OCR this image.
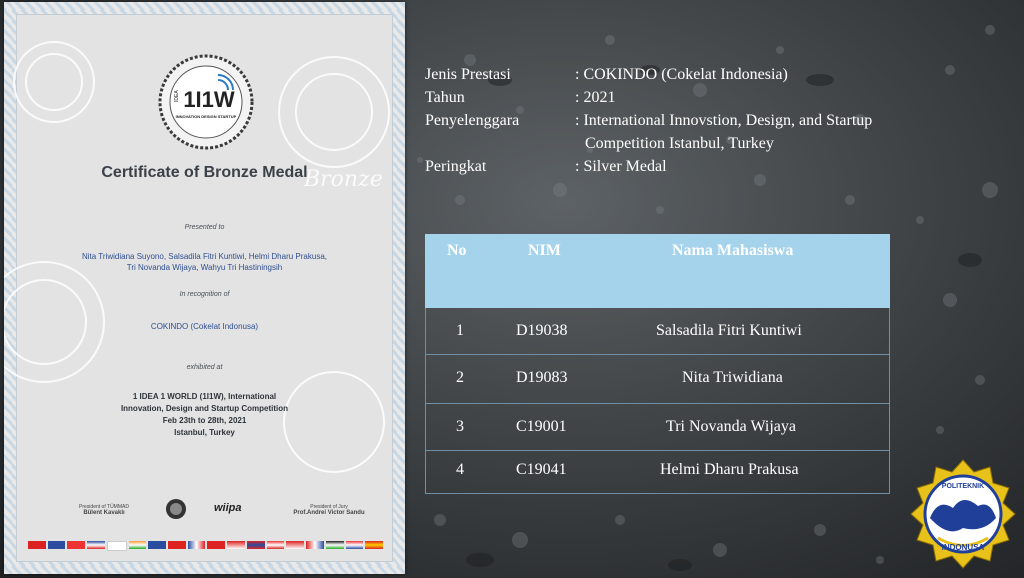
1I1W
INNOVATION DESIGN STARTUP
IDEA
Certificate of Bronze Medal
Bronze
Presented to
Nita Triwidiana Suyono, Salsadila Fitri Kuntiwi, Helmi Dharu Prakusa,
Tri Novanda Wijaya, Wahyu Tri Hastiningsih
In recognition of
COKINDO (Cokelat Indonusa)
exhibited at
1 IDEA 1 WORLD (1I1W), International
Innovation, Design and Startup Competition
Feb 23th to 28th, 2021
Istanbul, Turkey
President of TÜMMAD
Bülent Kavaklı	wiipa	President of Jury
Prof.Andrei Victor Sandu
Jenis Prestasi	: COKINDO (Cokelat Indonesia)
Tahun	: 2021
Penyelenggara	: International Innovstion, Design, and Startup
Competition Istanbul, Turkey
Peringkat	: Silver Medal
No	NIM	Nama Mahasiswa
1	D19038	Salsadila Fitri Kuntiwi
2	D19083	Nita Triwidiana
3	C19001	Tri Novanda Wijaya
4	C19041	Helmi Dharu Prakusa
POLITEKNIK
INDONUSA
